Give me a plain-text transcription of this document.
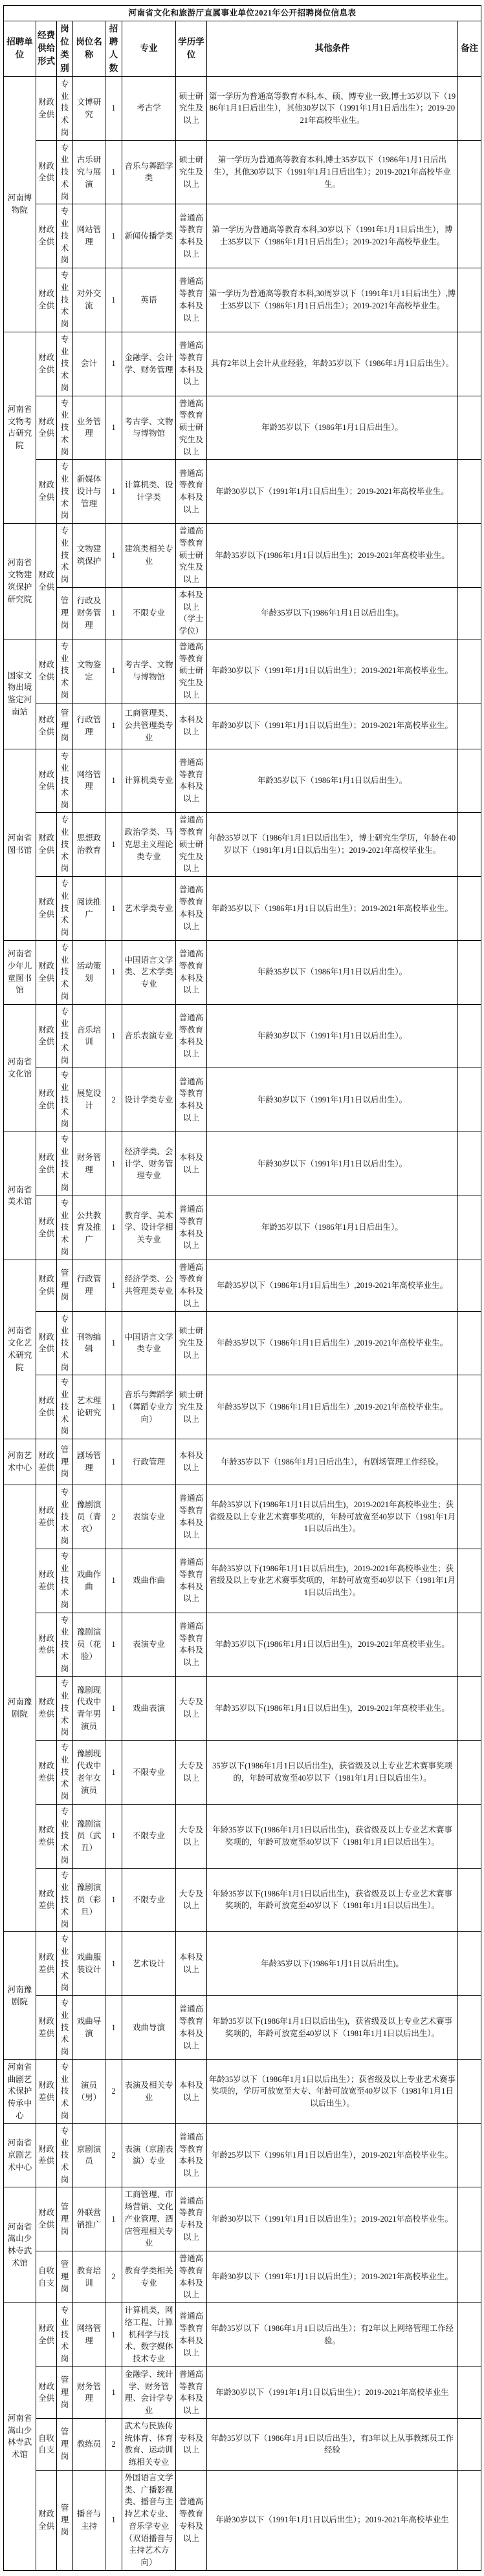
河南省文化和旅游厅直属事业单位2021年公开招聘岗位信息表								
招聘单位	经费供给形式	岗位类别	岗位名称	招聘人数	专业	学历学位	其他条件	备注
河南博物院	财政全供	专业技术岗	文博研究	1	考古学	硕士研究生及以上	第一学历为普通高等教育本科,本、硕、博专业一致,博士35岁以下（1986年1月1日后出生），其他30岁以下（1991年1月1日后出生）；2019-2021年高校毕业生。	
	财政全供	专业技术岗	古乐研究与展演	1	音乐与舞蹈学类	硕士研究生及以上	第一学历为普通高等教育本科,博士35岁以下（1986年1月1日后出生），其他30岁以下（1991年1月1日后出生）；2019-2021年高校毕业生。	
	财政全供	专业技术岗	网站管理	1	新闻传播学类	普通高等教育本科及以上	第一学历为普通高等教育本科,30岁以下（1991年1月1日后出生），博士35岁以下（1986年1月1日后出生）；2019-2021年高校毕业生。	
	财政全供	专业技术岗	对外交流	1	英语	普通高等教育本科及以上	第一学历为普通高等教育本科,30周岁以下（1991年1月1日后出生）,博士35岁以下（1986年1月1日后出生）；2019-2021年高校毕业生。	
河南省文物考古研究院	财政全供	专业技术岗	会计	1	金融学、会计学、财务管理	普通高等教育本科及以上	具有2年以上会计从业经验，年龄35岁以下（1986年1月1日后出生）。	
	财政全供	专业技术岗	业务管理	1	考古学、文物与博物馆	普通高等教育硕士研究生及以上	年龄35岁以下（1986年1月1日后出生）。	
	财政全供	专业技术岗	新媒体设计与管理	1	计算机类、设计学类	普通高等教育本科及以上	年龄30岁以下（1991年1月1日后出生）；2019-2021年高校毕业生。	
河南省文物建筑保护研究院	财政全供	专业技术岗	文物建筑保护	1	建筑类相关专业	普通高等教育硕士研究生及以上	年龄35岁以下(1986年1月1日以后出生)；2019-2021年高校毕业生。	
		管理岗	行政及财务管理	1	不限专业	本科及以上（学士学位）	年龄35岁以下(1986年1月1日以后出生)。	
国家文物出境鉴定河南站	财政全供	专业技术岗	文物鉴定	1	考古学、文物与博物馆	普通高等教育硕士研究生及以上	年龄30岁以下（1991年1月1日以后出生）；2019-2021年高校毕业生。	
	财政全供	管理岗	行政管理	1	工商管理类、公共管理类专业	本科及以上	年龄30岁以下（1991年1月1日以后出生）；2019-2021年高校毕业生。	
河南省图书馆	财政全供	专业技术岗	网络管理	1	计算机类专业	普通高等教育本科及以上	年龄35岁以下（1986年1月1日以后出生）。	
	财政全供	专业技术岗	思想政治教育	1	政治学类、马克思主义理论类专业	普通高等教育硕士研究生及以上	年龄35岁以下（1986年1月1日以后出生），博士研究生学历，年龄在40岁以下（1981年1月1日以后出生）；2019-2021年高校毕业生。	
	财政全供	专业技术岗	阅读推广	1	艺术学类专业	普通高等教育本科及以上	年龄35岁以下（1986年1月1日以后出生）；2019-2021年高校毕业生。	
河南省少年儿童图书馆	财政全供	专业技术岗	活动策划	1	中国语言文学类、艺术学类专业	普通高等教育本科及以上	年龄35岁以下（1986年1月1日以后出生）。	
河南省文化馆	财政全供	专业技术岗	音乐培训	1	音乐表演专业	普通高等教育本科及以上	年龄30岁以下（1991年1月1日以后出生）。	
	财政全供	专业技术岗	展览设计	2	设计学类专业	普通高等教育本科及以上	年龄30岁以下（1991年1月1日以后出生）。	
河南省美术馆	财政全供	专业技术岗	财务管理	1	经济学类、会计学、财务管理专业	本科及以上	年龄30岁以下（1991年1月1日以后出生）。	
	财政全供	专业技术岗	公共教育及推广	1	教育学、美术学、设计学相关专业	普通高等教育本科及以上	年龄35岁以下（1986年1月1日后出生）。	
河南省文化艺术研究院	财政全供	管理岗	行政管理	1	经济学类、公共管理类专业	普通高等教育本科及以上	年龄35岁以下（1986年1月1日后出生）,2019-2021年高校毕业生。	
	财政全供	专业技术岗	刊物编辑	1	中国语言文学类专业	硕士研究生及以上	年龄35岁以下（1986年1月1日后出生）,2019-2021年高校毕业生。	
	财政全供	专业技术岗	艺术理论研究	1	音乐与舞蹈学（舞蹈专业方向）	硕士研究生及以上	年龄35岁以下（1986年1月1日后出生）,2019-2021年高校毕业生。	
河南艺术中心	财政差供	管理岗	剧场管理	1	行政管理	本科及以上	年龄35岁以下（1986年1月1日后出生），有剧场管理工作经验。	
河南豫剧院	财政差供	专业技术岗	豫剧演员（青衣）	2	表演专业	普通高等教育本科及以上	年龄35岁以下(1986年1月1日以后出生)，2019-2021年高校毕业生；获省级及以上专业艺术赛事奖项的，年龄可放宽至40岁以下（1981年1月1日以后出生）。	
	财政差供	专业技术岗	戏曲作曲	1	戏曲作曲	普通高等教育本科及以上	年龄35岁以下(1986年1月1日以后出生)，2019-2021年高校毕业生；获省级及以上专业艺术赛事奖项的，年龄可放宽至40岁以下（1981年1月1日以后出生）。	
	财政差供	专业技术岗	豫剧演员（花脸）	1	表演专业	普通高等教育本科及以上	年龄35岁以下(1986年1月1日以后出生)，2019-2021年高校毕业生。	
	财政差供	专业技术岗	豫剧现代戏中青年男演员	1	戏曲表演	大专及以上	年龄35岁以下(1986年1月1日以后出生)，2019-2021年高校毕业生。	
	财政差供	专业技术岗	豫剧现代戏中老年女演员	1	不限专业	大专及以上	35岁以下(1986年1月1日以后出生)，获省级及以上专业艺术赛事奖项的，年龄可放宽至40岁以下（1981年1月1日以后出生）。	
	财政差供	专业技术岗	豫剧演员（武丑）	1	不限专业	大专及以上	年龄35岁以下(1986年1月1日以后出生)，获省级及以上专业艺术赛事奖项的，年龄可放宽至40岁以下（1981年1月1日以后出生）。	
	财政差供	专业技术岗	豫剧演员（彩旦）	1	不限专业	大专及以上	年龄35岁以下(1986年1月1日以后出生)，获省级及以上专业艺术赛事奖项的，年龄可放宽至40岁以下（1981年1月1日以后出生）。	
河南豫剧院	财政差供	专业技术岗	戏曲服装设计	1	艺术设计	本科及以上	年龄35岁以下(1986年1月1日以后出生)。	
	财政差供	专业技术岗	戏曲导演	1	戏曲导演	普通高等教育本科及以上	年龄35岁以下(1986年1月1日以后出生)，获省级及以上专业艺术赛事奖项的，年龄可放宽至40岁以下（1981年1月1日以后出生）。	
河南省曲剧艺术保护传承中心	财政差供	专业技术岗	演员（男）	2	表演及相关专业	本科及以上	年龄35岁以下（1986年1月1日以后出生）；获省级及以上专业艺术赛事奖项的，学历可放宽至大专、年龄可放宽至40岁以下（1981年1月1日以后出生）。	
河南省京剧艺术中心	财政差供	专业技术岗	京剧演员	2	表演（京剧表演）专业	普通高等教育本科及以上	年龄25岁以下（1996年1月1日以后出生），2019-2021年高校毕业生。	
河南省嵩山少林寺武术馆	财政全供	管理岗	外联营销推广	1	工商管理、市场营销、文化产业管理、酒店管理相关专业	普通高等教育专科及以上	年龄30岁以下（1991年1月1日以后出生）；2019-2021年高校毕业生。	
	自收自支	管理岗	教育培训	2	教育学类相关专业	普通高等教育本科及以上	年龄30岁以下（1991年1月1日以后出生）；2019-2021年高校毕业生。	
河南省嵩山少林寺武术馆	财政全供	专业技术岗	网络管理	1	计算机类，网络工程、计算机科学与技术、数字媒体技术专业	普通高等教育本科及以上	年龄35岁以下（1986年1月1日以后出生）；有2年以上网络管理工作经验。	
	财政全供	管理岗	财务管理	1	金融学、统计学、财务管理、会计学专业	普通高等教育本科及以上	年龄30岁以下（1991年1月1日以后出生）；2019-2021年高校毕业生	
	自收自支	管理岗	教练员	2	武术与民族传统体育、体育教育、运动训练相关专业	专科及以上	年龄35岁以下（1986年1月1日以后出生），有3年以上从事教练员工作经验	
	财政全供	管理岗	播音与主持	1	外国语言文学类、广播影视类、播音与主持艺术专业、音乐学专业（双语播音与主持艺术方向）	普通高等教育专科及以上	年龄30岁以下（1991年1月1日以后出生）；2019-2021年高校毕业生	
